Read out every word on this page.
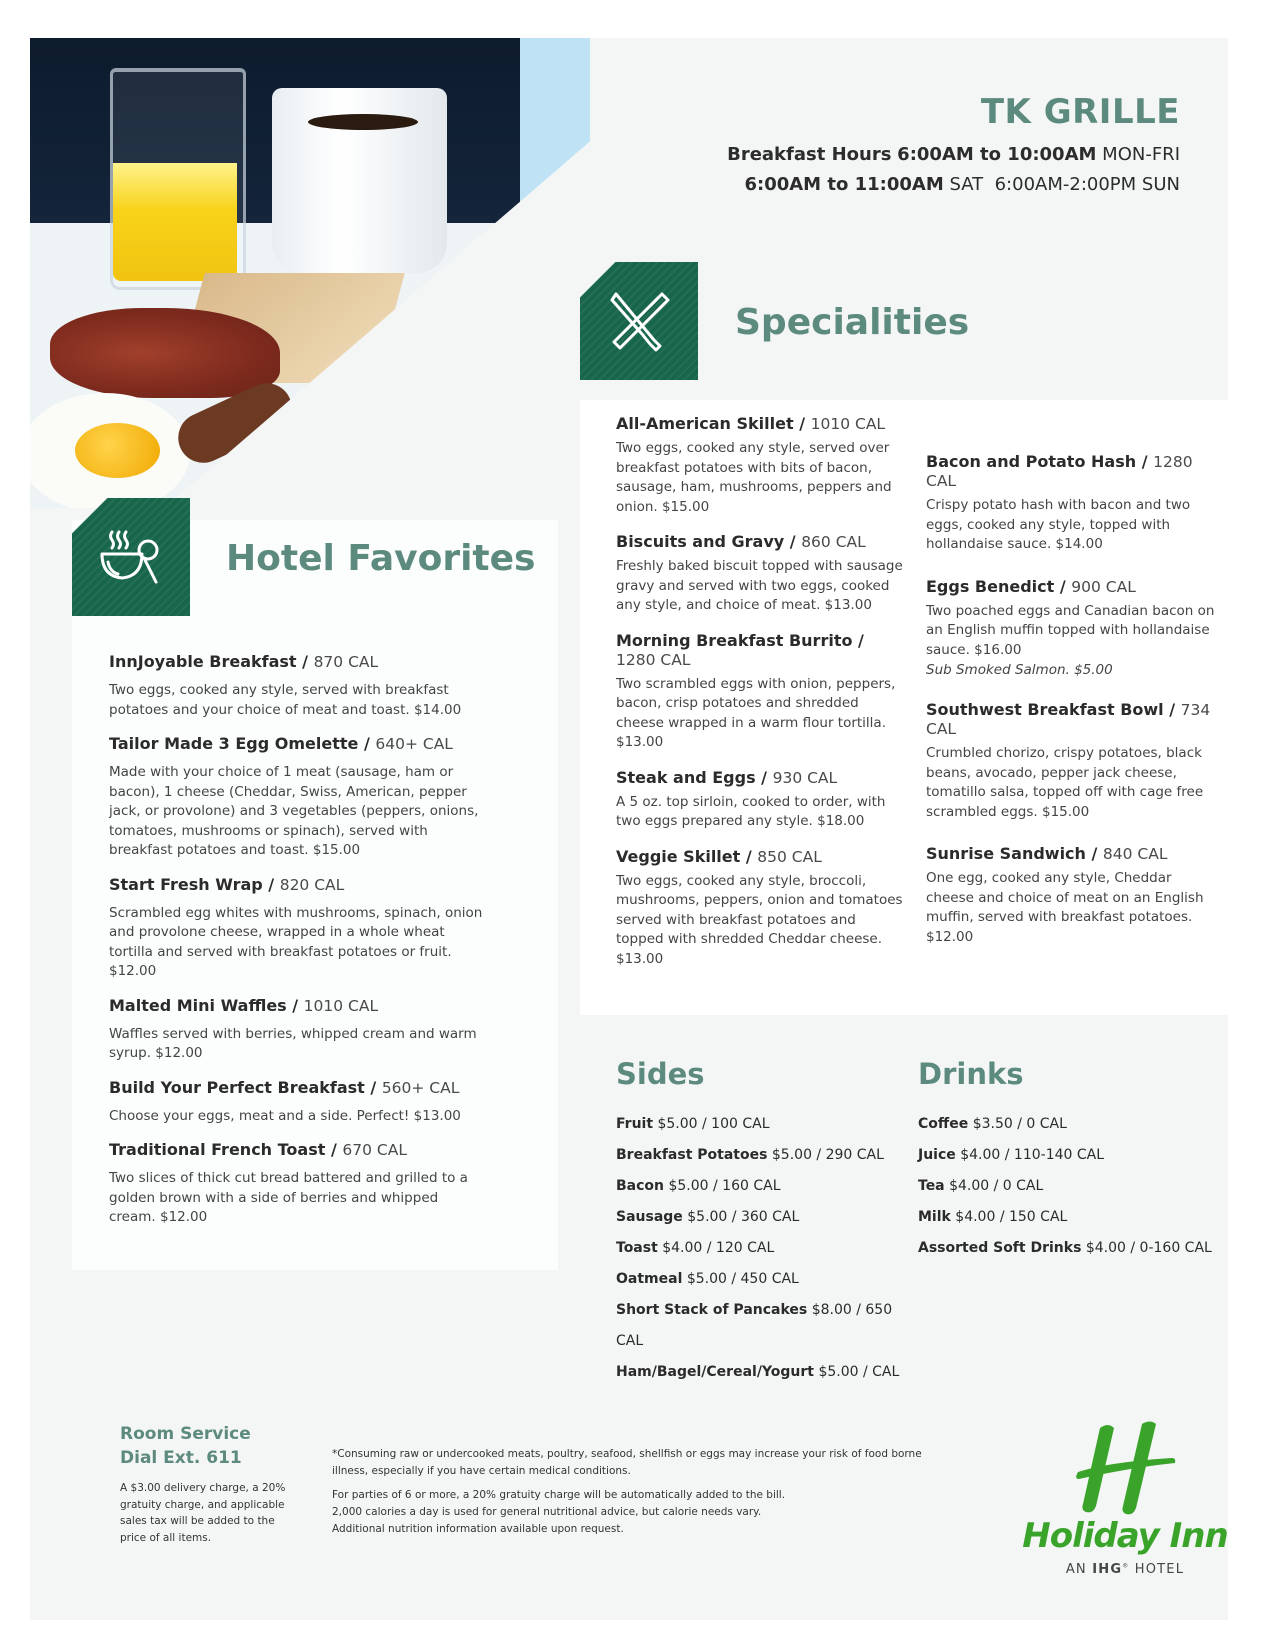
TK GRILLE
Breakfast Hours 6:00AM to 10:00AM MON-FRI
6:00AM to 11:00AM SAT 6:00AM-2:00PM SUN
Specialities
All-American Skillet / 1010 CAL
Two eggs, cooked any style, served over breakfast potatoes with bits of bacon, sausage, ham, mushrooms, peppers and onion. $15.00
Biscuits and Gravy / 860 CAL
Freshly baked biscuit topped with sausage gravy and served with two eggs, cooked any style, and choice of meat. $13.00
Morning Breakfast Burrito / 1280 CAL
Two scrambled eggs with onion, peppers, bacon, crisp potatoes and shredded cheese wrapped in a warm flour tortilla. $13.00
Steak and Eggs / 930 CAL
A 5 oz. top sirloin, cooked to order, with two eggs prepared any style. $18.00
Veggie Skillet / 850 CAL
Two eggs, cooked any style, broccoli, mushrooms, peppers, onion and tomatoes served with breakfast potatoes and topped with shredded Cheddar cheese. $13.00
Bacon and Potato Hash / 1280 CAL
Crispy potato hash with bacon and two eggs, cooked any style, topped with hollandaise sauce. $14.00
Eggs Benedict / 900 CAL
Two poached eggs and Canadian bacon on an English muffin topped with hollandaise sauce. $16.00
Sub Smoked Salmon. $5.00
Southwest Breakfast Bowl / 734 CAL
Crumbled chorizo, crispy potatoes, black beans, avocado, pepper jack cheese, tomatillo salsa, topped off with cage free scrambled eggs. $15.00
Sunrise Sandwich / 840 CAL
One egg, cooked any style, Cheddar cheese and choice of meat on an English muffin, served with breakfast potatoes. $12.00
Hotel Favorites
InnJoyable Breakfast / 870 CAL
Two eggs, cooked any style, served with breakfast potatoes and your choice of meat and toast. $14.00
Tailor Made 3 Egg Omelette / 640+ CAL
Made with your choice of 1 meat (sausage, ham or bacon), 1 cheese (Cheddar, Swiss, American, pepper jack, or provolone) and 3 vegetables (peppers, onions, tomatoes, mushrooms or spinach), served with breakfast potatoes and toast. $15.00
Start Fresh Wrap / 820 CAL
Scrambled egg whites with mushrooms, spinach, onion and provolone cheese, wrapped in a whole wheat tortilla and served with breakfast potatoes or fruit. $12.00
Malted Mini Waffles / 1010 CAL
Waffles served with berries, whipped cream and warm syrup. $12.00
Build Your Perfect Breakfast / 560+ CAL
Choose your eggs, meat and a side. Perfect! $13.00
Traditional French Toast / 670 CAL
Two slices of thick cut bread battered and grilled to a golden brown with a side of berries and whipped cream. $12.00
Sides
Fruit $5.00 / 100 CAL
Breakfast Potatoes $5.00 / 290 CAL
Bacon $5.00 / 160 CAL
Sausage $5.00 / 360 CAL
Toast $4.00 / 120 CAL
Oatmeal $5.00 / 450 CAL
Short Stack of Pancakes $8.00 / 650 CAL
Ham/Bagel/Cereal/Yogurt $5.00 / CAL
Drinks
Coffee $3.50 / 0 CAL
Juice $4.00 / 110-140 CAL
Tea $4.00 / 0 CAL
Milk $4.00 / 150 CAL
Assorted Soft Drinks $4.00 / 0-160 CAL
Room Service
Dial Ext. 611
A $3.00 delivery charge, a 20% gratuity charge, and applicable sales tax will be added to the price of all items.
*Consuming raw or undercooked meats, poultry, seafood, shellfish or eggs may increase your risk of food borne illness, especially if you have certain medical conditions.
For parties of 6 or more, a 20% gratuity charge will be automatically added to the bill.
2,000 calories a day is used for general nutritional advice, but calorie needs vary.
Additional nutrition information available upon request.	Holiday Inn
AN IHG® HOTEL
